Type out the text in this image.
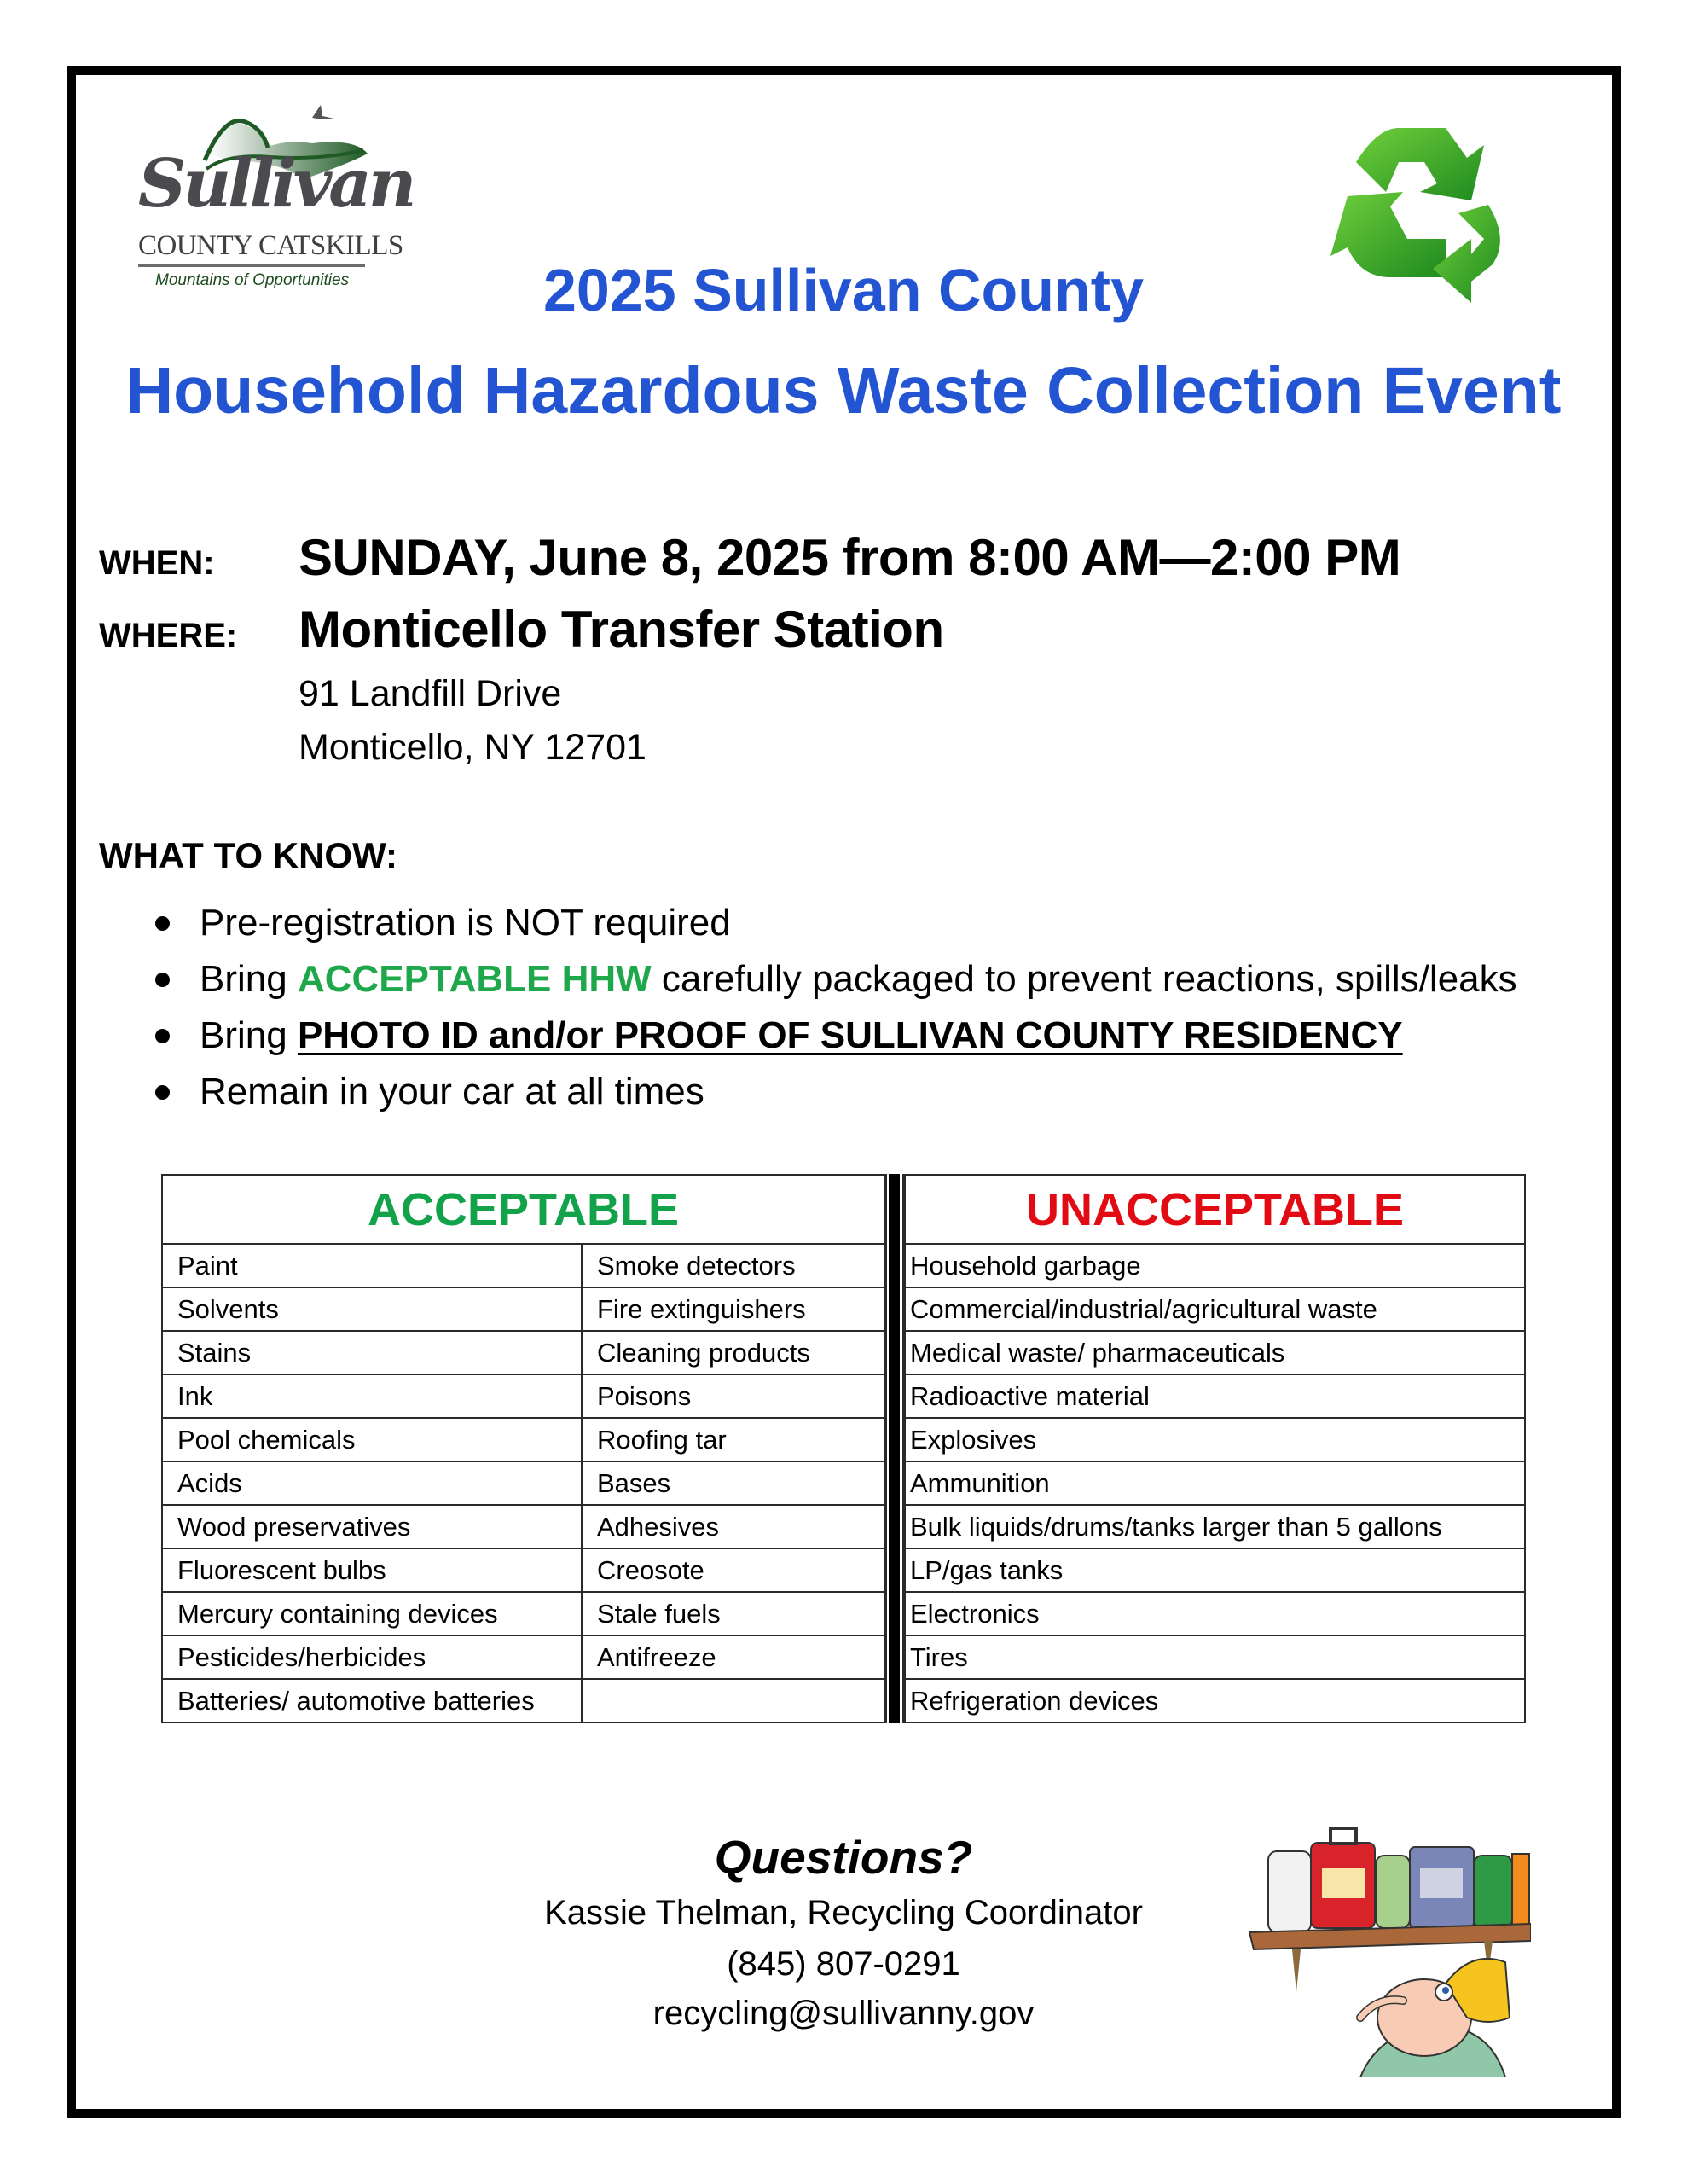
Sullivan
COUNTY CATSKILLS
Mountains of Opportunities	2025 Sullivan County
Household Hazardous Waste Collection Event
WHEN: SUNDAY, June 8, 2025 from 8:00 AM—2:00 PM
WHERE: Monticello Transfer Station
91 Landfill Drive
Monticello, NY 12701
WHAT TO KNOW:
Pre-registration is NOT required
Bring ACCEPTABLE HHW carefully packaged to prevent reactions, spills/leaks
Bring PHOTO ID and/or PROOF OF SULLIVAN COUNTY RESIDENCY
Remain in your car at all times
ACCEPTABLE
Paint	Smoke detectors
Solvents	Fire extinguishers
Stains	Cleaning products
Ink	Poisons
Pool chemicals	Roofing tar
Acids	Bases
Wood preservatives	Adhesives
Fluorescent bulbs	Creosote
Mercury containing devices	Stale fuels
Pesticides/herbicides	Antifreeze
Batteries/ automotive batteries
UNACCEPTABLE
Household garbage
Commercial/industrial/agricultural waste
Medical waste/ pharmaceuticals
Radioactive material
Explosives
Ammunition
Bulk liquids/drums/tanks larger than 5 gallons
LP/gas tanks
Electronics
Tires
Refrigeration devices
Questions?
Kassie Thelman, Recycling Coordinator
(845) 807-0291
recycling@sullivanny.gov
